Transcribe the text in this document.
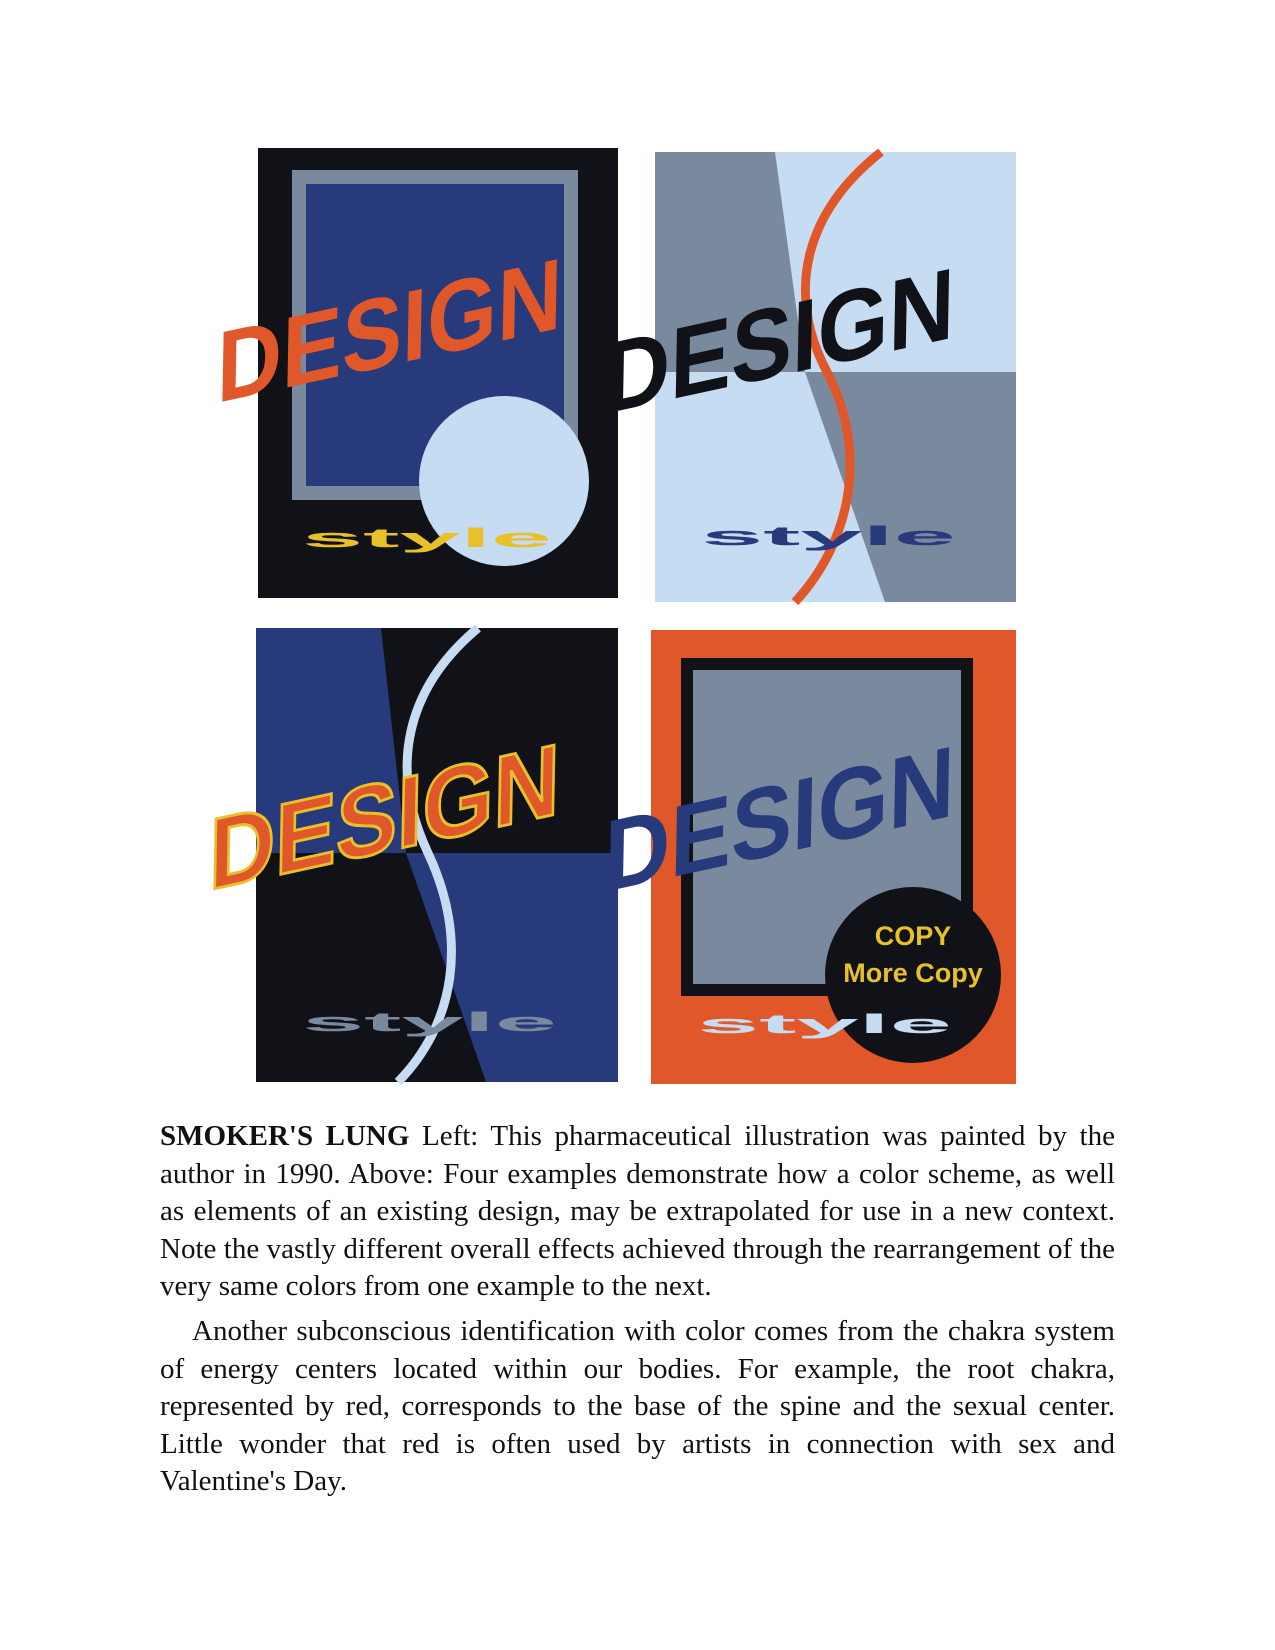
DESIGN
style
DESIGN
style
DESIGN
style
DESIGN
COPY
More Copy
style

SMOKER'S LUNG Left: This pharmaceutical illustration was painted by the author in 1990. Above: Four examples demonstrate how a color scheme, as well as elements of an existing design, may be extrapolated for use in a new context. Note the vastly different overall effects achieved through the rearrangement of the very same colors from one example to the next.

Another subconscious identification with color comes from the chakra system of energy centers located within our bodies. For example, the root chakra, represented by red, corresponds to the base of the spine and the sexual center. Little wonder that red is often used by artists in connection with sex and Valentine's Day.
